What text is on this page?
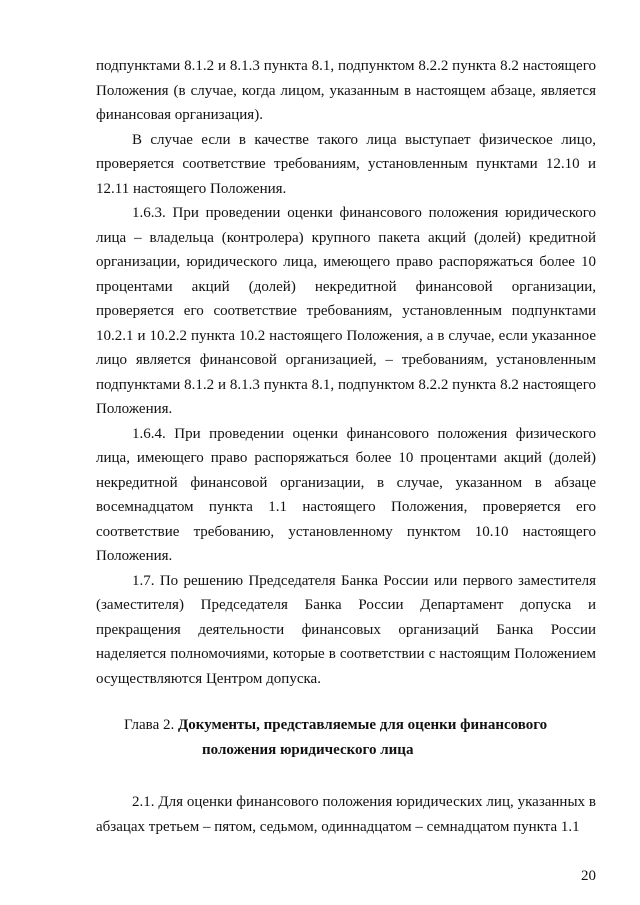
подпунктами 8.1.2 и 8.1.3 пункта 8.1, подпунктом 8.2.2 пункта 8.2 настоящего Положения (в случае, когда лицом, указанным в настоящем абзаце, является финансовая организация).

В случае если в качестве такого лица выступает физическое лицо, проверяется соответствие требованиям, установленным пунктами 12.10 и 12.11 настоящего Положения.

1.6.3. При проведении оценки финансового положения юридического лица – владельца (контролера) крупного пакета акций (долей) кредитной организации, юридического лица, имеющего право распоряжаться более 10 процентами акций (долей) некредитной финансовой организации, проверяется его соответствие требованиям, установленным подпунктами 10.2.1 и 10.2.2 пункта 10.2 настоящего Положения, а в случае, если указанное лицо является финансовой организацией, – требованиям, установленным подпунктами 8.1.2 и 8.1.3 пункта 8.1, подпунктом 8.2.2 пункта 8.2 настоящего Положения.

1.6.4. При проведении оценки финансового положения физического лица, имеющего право распоряжаться более 10 процентами акций (долей) некредитной финансовой организации, в случае, указанном в абзаце восемнадцатом пункта 1.1 настоящего Положения, проверяется его соответствие требованию, установленному пунктом 10.10 настоящего Положения.

1.7. По решению Председателя Банка России или первого заместителя (заместителя) Председателя Банка России Департамент допуска и прекращения деятельности финансовых организаций Банка России наделяется полномочиями, которые в соответствии с настоящим Положением осуществляются Центром допуска.

Глава 2. Документы, представляемые для оценки финансового
положения юридического лица

2.1. Для оценки финансового положения юридических лиц, указанных в абзацах третьем – пятом, седьмом, одиннадцатом – семнадцатом пункта 1.1

20
